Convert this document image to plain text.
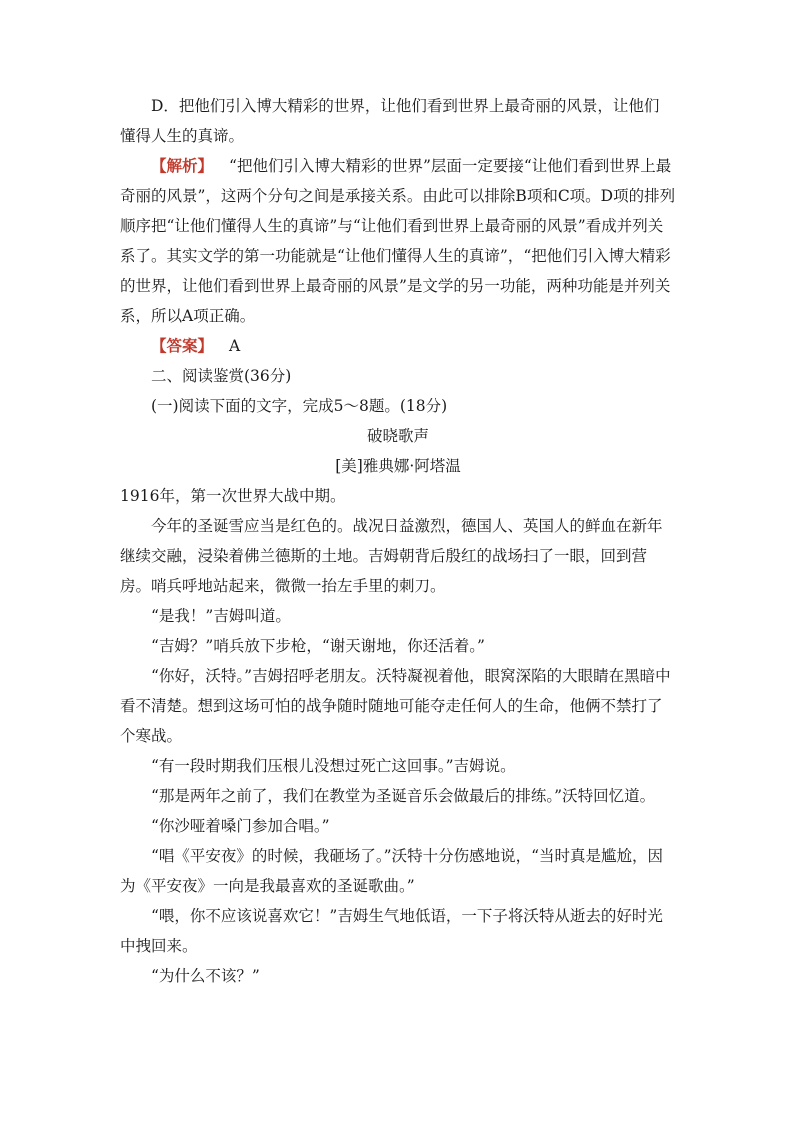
D．把他们引入博大精彩的世界，让他们看到世界上最奇丽的风景，让他们

懂得人生的真谛。

【解析】 “把他们引入博大精彩的世界”层面一定要接“让他们看到世界上最奇丽的风景”，这两个分句之间是承接关系。由此可以排除B项和C项。D项的排列顺序把“让他们懂得人生的真谛”与“让他们看到世界上最奇丽的风景”看成并列关系了。其实文学的第一功能就是“让他们懂得人生的真谛”，“把他们引入博大精彩的世界，让他们看到世界上最奇丽的风景”是文学的另一功能，两种功能是并列关系，所以A项正确。

【答案】 A

二、阅读鉴赏(36分)

(一)阅读下面的文字，完成5～8题。(18分)

破晓歌声

[美]雅典娜·阿塔温

1916年，第一次世界大战中期。

今年的圣诞雪应当是红色的。战况日益激烈，德国人、英国人的鲜血在新年继续交融，浸染着佛兰德斯的土地。吉姆朝背后殷红的战场扫了一眼，回到营房。哨兵呼地站起来，微微一抬左手里的刺刀。

“是我！”吉姆叫道。

“吉姆？”哨兵放下步枪，“谢天谢地，你还活着。”

“你好，沃特。”吉姆招呼老朋友。沃特凝视着他，眼窝深陷的大眼睛在黑暗中看不清楚。想到这场可怕的战争随时随地可能夺走任何人的生命，他俩不禁打了个寒战。

“有一段时期我们压根儿没想过死亡这回事。”吉姆说。

“那是两年之前了，我们在教堂为圣诞音乐会做最后的排练。”沃特回忆道。

“你沙哑着嗓门参加合唱。”

“唱《平安夜》的时候，我砸场了。”沃特十分伤感地说，“当时真是尴尬，因为《平安夜》一向是我最喜欢的圣诞歌曲。”

“喂，你不应该说喜欢它！”吉姆生气地低语，一下子将沃特从逝去的好时光中拽回来。

“为什么不该？”
